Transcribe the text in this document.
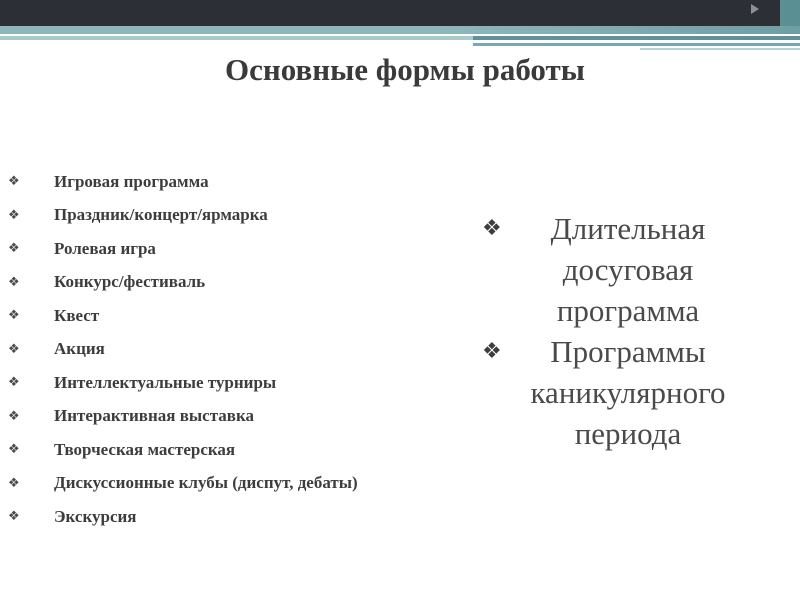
Основные формы работы
❖	Игровая программа
❖	Праздник/концерт/ярмарка
❖	Ролевая игра
❖	Конкурс/фестиваль
❖	Квест
❖	Акция
❖	Интеллектуальные турниры
❖	Интерактивная выставка
❖	Творческая мастерская
❖	Дискуссионные клубы (диспут, дебаты)
❖	Экскурсия
❖	Длительная
досуговая
программа
❖	Программы
каникулярного
периода
